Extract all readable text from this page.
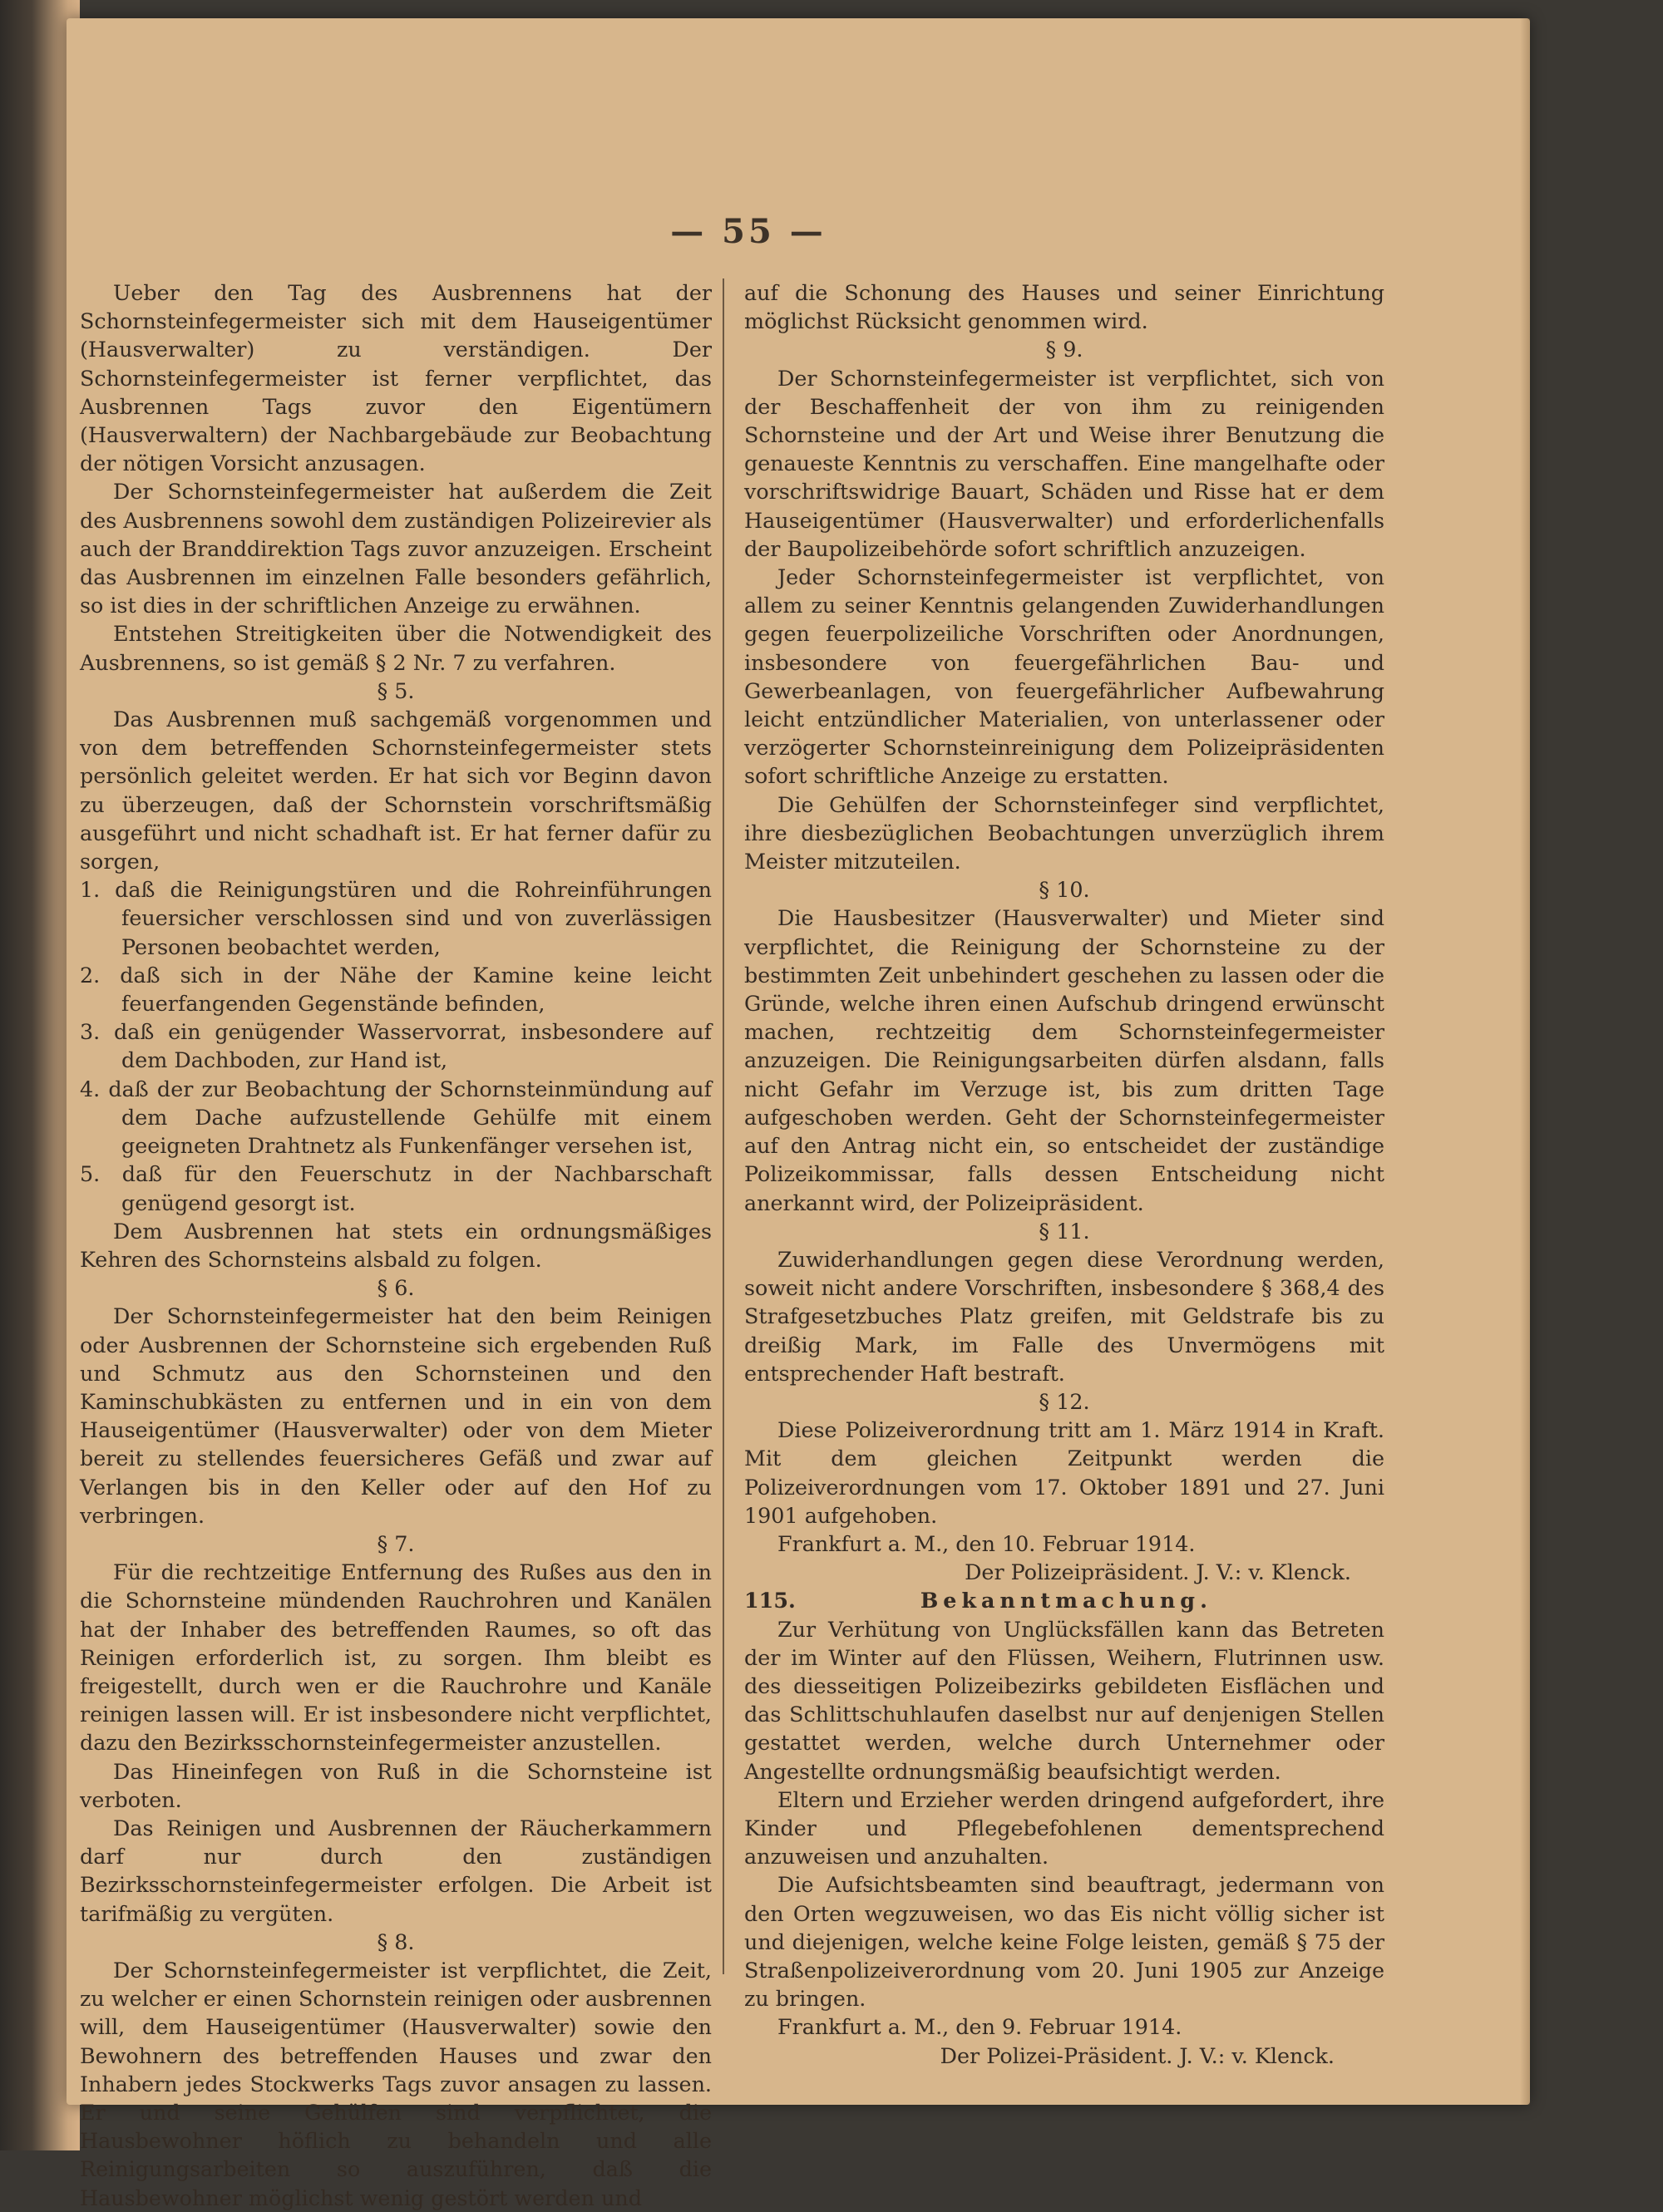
— 55 —

Ueber den Tag des Ausbrennens hat der Schornsteinfegermeister sich mit dem Hauseigentümer (Hausverwalter) zu verständigen. Der Schornsteinfegermeister ist ferner verpflichtet, das Ausbrennen Tags zuvor den Eigentümern (Hausverwaltern) der Nachbargebäude zur Beobachtung der nötigen Vorsicht anzusagen.

Der Schornsteinfegermeister hat außerdem die Zeit des Ausbrennens sowohl dem zuständigen Polizeirevier als auch der Branddirektion Tags zuvor anzuzeigen. Erscheint das Ausbrennen im einzelnen Falle besonders gefährlich, so ist dies in der schriftlichen Anzeige zu erwähnen.

Entstehen Streitigkeiten über die Notwendigkeit des Ausbrennens, so ist gemäß § 2 Nr. 7 zu verfahren.

§ 5.

Das Ausbrennen muß sachgemäß vorgenommen und von dem betreffenden Schornsteinfegermeister stets persönlich geleitet werden. Er hat sich vor Beginn davon zu überzeugen, daß der Schornstein vorschriftsmäßig ausgeführt und nicht schadhaft ist. Er hat ferner dafür zu sorgen,

1. daß die Reinigungstüren und die Rohreinführungen feuersicher verschlossen sind und von zuverlässigen Personen beobachtet werden,

2. daß sich in der Nähe der Kamine keine leicht feuerfangenden Gegenstände befinden,

3. daß ein genügender Wasservorrat, insbesondere auf dem Dachboden, zur Hand ist,

4. daß der zur Beobachtung der Schornsteinmündung auf dem Dache aufzustellende Gehülfe mit einem geeigneten Drahtnetz als Funkenfänger versehen ist,

5. daß für den Feuerschutz in der Nachbarschaft genügend gesorgt ist.

Dem Ausbrennen hat stets ein ordnungsmäßiges Kehren des Schornsteins alsbald zu folgen.

§ 6.

Der Schornsteinfegermeister hat den beim Reinigen oder Ausbrennen der Schornsteine sich ergebenden Ruß und Schmutz aus den Schornsteinen und den Kaminschubkästen zu entfernen und in ein von dem Hauseigentümer (Hausverwalter) oder von dem Mieter bereit zu stellendes feuersicheres Gefäß und zwar auf Verlangen bis in den Keller oder auf den Hof zu verbringen.

§ 7.

Für die rechtzeitige Entfernung des Rußes aus den in die Schornsteine mündenden Rauchrohren und Kanälen hat der Inhaber des betreffenden Raumes, so oft das Reinigen erforderlich ist, zu sorgen. Ihm bleibt es freigestellt, durch wen er die Rauchrohre und Kanäle reinigen lassen will. Er ist insbesondere nicht verpflichtet, dazu den Bezirksschornsteinfegermeister anzustellen.

Das Hineinfegen von Ruß in die Schornsteine ist verboten.

Das Reinigen und Ausbrennen der Räucherkammern darf nur durch den zuständigen Bezirksschornsteinfegermeister erfolgen. Die Arbeit ist tarifmäßig zu vergüten.

§ 8.

Der Schornsteinfegermeister ist verpflichtet, die Zeit, zu welcher er einen Schornstein reinigen oder ausbrennen will, dem Hauseigentümer (Hausverwalter) sowie den Bewohnern des betreffenden Hauses und zwar den Inhabern jedes Stockwerks Tags zuvor ansagen zu lassen. Er und seine Gehülfen sind verpflichtet, die Hausbewohner höflich zu behandeln und alle Reinigungsarbeiten so auszuführen, daß die Hausbewohner möglichst wenig gestört werden und

auf die Schonung des Hauses und seiner Einrichtung möglichst Rücksicht genommen wird.

§ 9.

Der Schornsteinfegermeister ist verpflichtet, sich von der Beschaffenheit der von ihm zu reinigenden Schornsteine und der Art und Weise ihrer Benutzung die genaueste Kenntnis zu verschaffen. Eine mangelhafte oder vorschriftswidrige Bauart, Schäden und Risse hat er dem Hauseigentümer (Hausverwalter) und erforderlichenfalls der Baupolizeibehörde sofort schriftlich anzuzeigen.

Jeder Schornsteinfegermeister ist verpflichtet, von allem zu seiner Kenntnis gelangenden Zuwiderhandlungen gegen feuerpolizeiliche Vorschriften oder Anordnungen, insbesondere von feuergefährlichen Bau- und Gewerbeanlagen, von feuergefährlicher Aufbewahrung leicht entzündlicher Materialien, von unterlassener oder verzögerter Schornsteinreinigung dem Polizeipräsidenten sofort schriftliche Anzeige zu erstatten.

Die Gehülfen der Schornsteinfeger sind verpflichtet, ihre diesbezüglichen Beobachtungen unverzüglich ihrem Meister mitzuteilen.

§ 10.

Die Hausbesitzer (Hausverwalter) und Mieter sind verpflichtet, die Reinigung der Schornsteine zu der bestimmten Zeit unbehindert geschehen zu lassen oder die Gründe, welche ihren einen Aufschub dringend erwünscht machen, rechtzeitig dem Schornsteinfegermeister anzuzeigen. Die Reinigungsarbeiten dürfen alsdann, falls nicht Gefahr im Verzuge ist, bis zum dritten Tage aufgeschoben werden. Geht der Schornsteinfegermeister auf den Antrag nicht ein, so entscheidet der zuständige Polizeikommissar, falls dessen Entscheidung nicht anerkannt wird, der Polizeipräsident.

§ 11.

Zuwiderhandlungen gegen diese Verordnung werden, soweit nicht andere Vorschriften, insbesondere § 368,4 des Strafgesetzbuches Platz greifen, mit Geldstrafe bis zu dreißig Mark, im Falle des Unvermögens mit entsprechender Haft bestraft.

§ 12.

Diese Polizeiverordnung tritt am 1. März 1914 in Kraft. Mit dem gleichen Zeitpunkt werden die Polizeiverordnungen vom 17. Oktober 1891 und 27. Juni 1901 aufgehoben.

Frankfurt a. M., den 10. Februar 1914.

Der Polizeipräsident. J. V.: v. Klenck.

115.	Bekanntmachung.

Zur Verhütung von Unglücksfällen kann das Betreten der im Winter auf den Flüssen, Weihern, Flutrinnen usw. des diesseitigen Polizeibezirks gebildeten Eisflächen und das Schlittschuhlaufen daselbst nur auf denjenigen Stellen gestattet werden, welche durch Unternehmer oder Angestellte ordnungsmäßig beaufsichtigt werden.

Eltern und Erzieher werden dringend aufgefordert, ihre Kinder und Pflegebefohlenen dementsprechend anzuweisen und anzuhalten.

Die Aufsichtsbeamten sind beauftragt, jedermann von den Orten wegzuweisen, wo das Eis nicht völlig sicher ist und diejenigen, welche keine Folge leisten, gemäß § 75 der Straßenpolizeiverordnung vom 20. Juni 1905 zur Anzeige zu bringen.

Frankfurt a. M., den 9. Februar 1914.

Der Polizei-Präsident. J. V.: v. Klenck.
